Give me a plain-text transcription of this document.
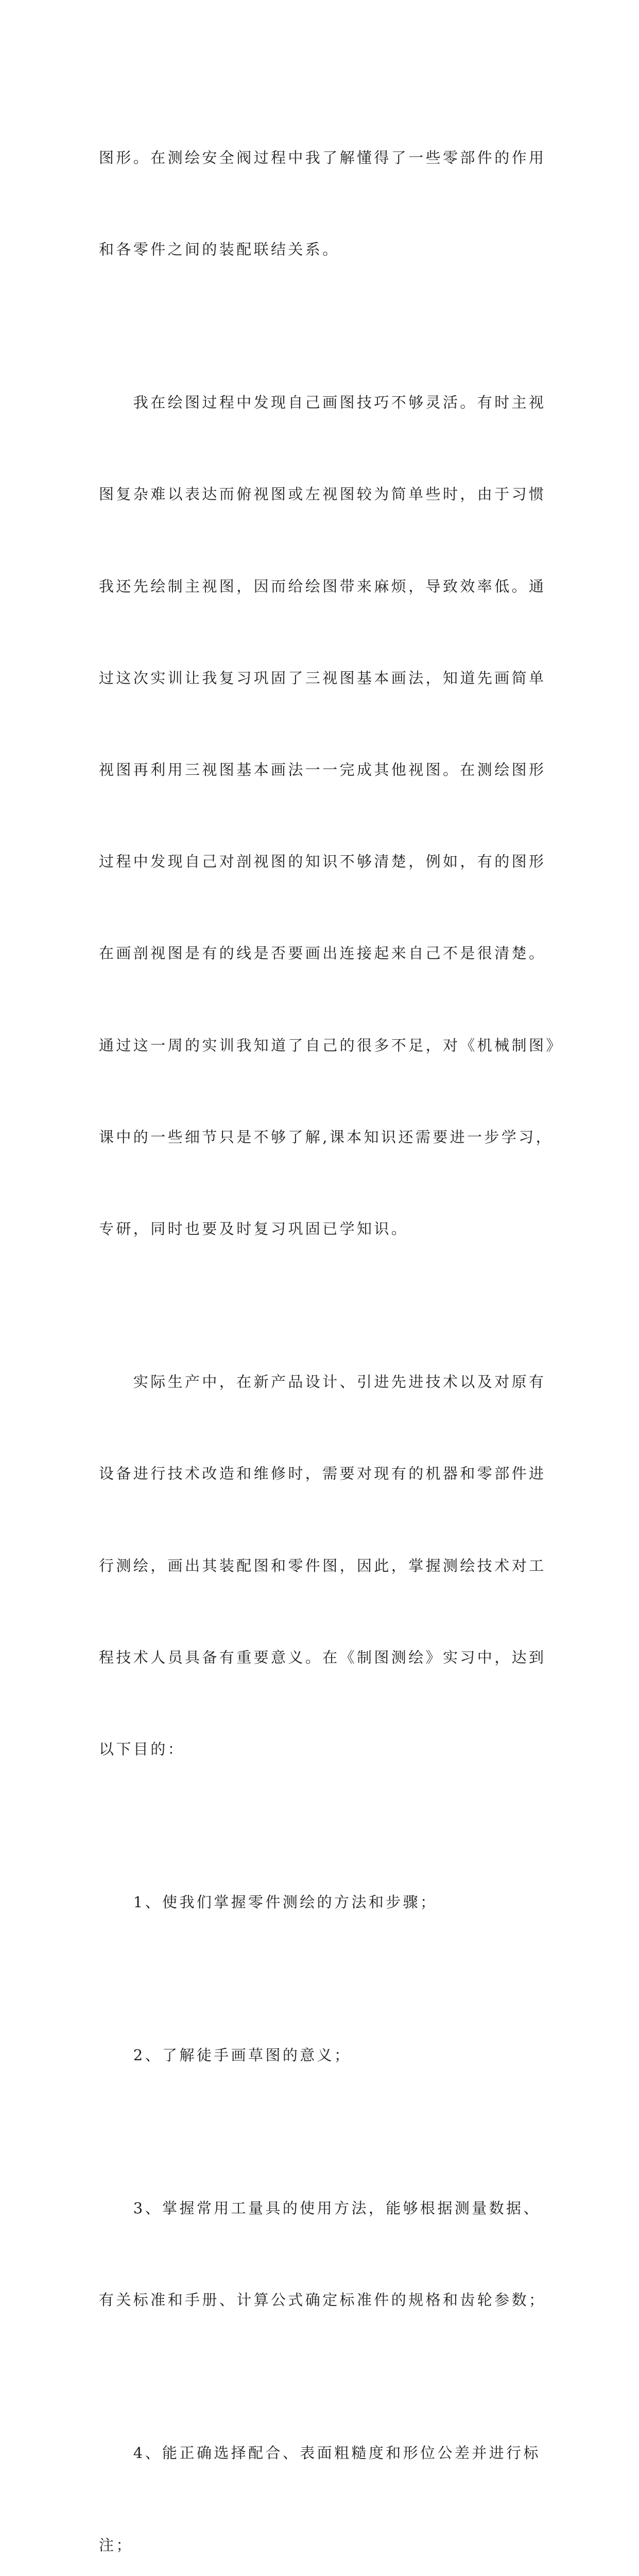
图形。在测绘安全阀过程中我了解懂得了一些零部件的作用

和各零件之间的装配联结关系。

　　我在绘图过程中发现自己画图技巧不够灵活。有时主视

图复杂难以表达而俯视图或左视图较为简单些时，由于习惯

我还先绘制主视图，因而给绘图带来麻烦，导致效率低。通

过这次实训让我复习巩固了三视图基本画法，知道先画简单

视图再利用三视图基本画法一一完成其他视图。在测绘图形

过程中发现自己对剖视图的知识不够清楚，例如，有的图形

在画剖视图是有的线是否要画出连接起来自己不是很清楚。

通过这一周的实训我知道了自己的很多不足，对《机械制图》

课中的一些细节只是不够了解,课本知识还需要进一步学习，

专研，同时也要及时复习巩固已学知识。

　　实际生产中，在新产品设计、引进先进技术以及对原有

设备进行技术改造和维修时，需要对现有的机器和零部件进

行测绘，画出其装配图和零件图，因此，掌握测绘技术对工

程技术人员具备有重要意义。在《制图测绘》实习中，达到

以下目的：

　　1、使我们掌握零件测绘的方法和步骤；

　　2、了解徒手画草图的意义；

　　3、掌握常用工量具的使用方法，能够根据测量数据、

有关标准和手册、计算公式确定标准件的规格和齿轮参数；

　　4、能正确选择配合、表面粗糙度和形位公差并进行标

注；
